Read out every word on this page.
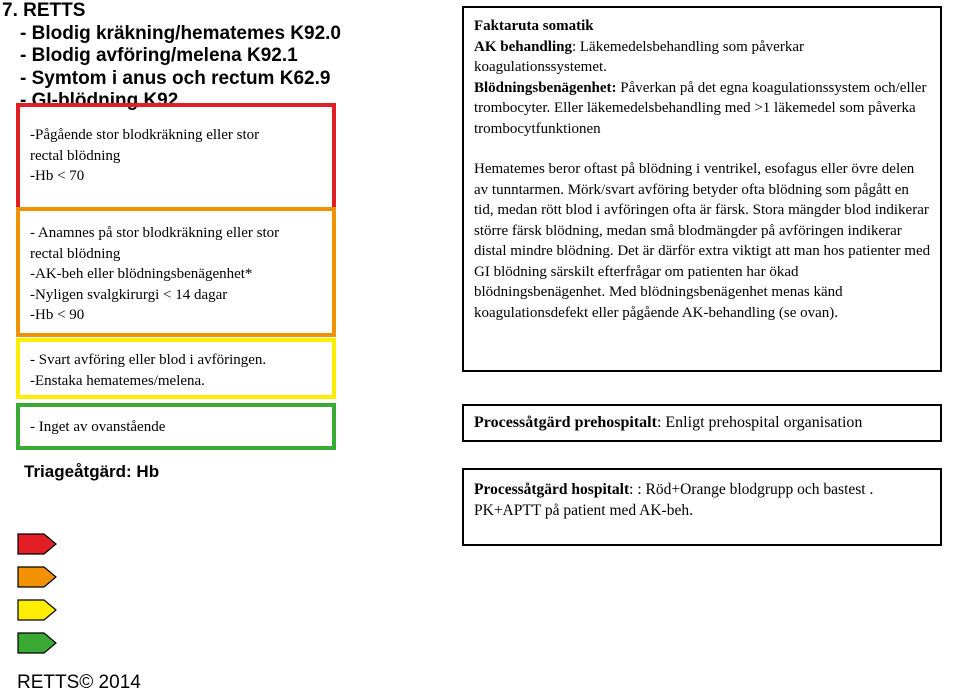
7. RETTS
- Blodig kräkning/hematemes K92.0
- Blodig avföring/melena K92.1
- Symtom i anus och rectum K62.9
- GI-blödning K92.
-Pågående stor blodkräkning eller stor
rectal blödning
-Hb < 70
- Anamnes på stor blodkräkning eller stor
rectal blödning
-AK-beh eller blödningsbenägenhet*
-Nyligen svalgkirurgi < 14 dagar
-Hb < 90
- Svart avföring eller blod i avföringen.
-Enstaka hematemes/melena.
- Inget av ovanstående
Triageåtgärd: Hb
RETTS© 2014

Faktaruta somatik

AK behandling: Läkemedelsbehandling som påverkar koagulationssystemet.

Blödningsbenägenhet: Påverkan på det egna koagulationssystem och/eller trombocyter. Eller läkemedelsbehandling med >1 läkemedel som påverka trombocytfunktionen

Hematemes beror oftast på blödning i ventrikel, esofagus eller övre delen av tunntarmen. Mörk/svart avföring betyder ofta blödning som pågått en tid, medan rött blod i avföringen ofta är färsk. Stora mängder blod indikerar större färsk blödning, medan små blodmängder på avföringen indikerar distal mindre blödning. Det är därför extra viktigt att man hos patienter med GI blödning särskilt efterfrågar om patienten har ökad blödningsbenägenhet. Med blödningsbenägenhet menas känd koagulationsdefekt eller pågående AK-behandling (se ovan).

Processåtgärd prehospitalt: Enligt prehospital organisation
Processåtgärd hospitalt: : Röd+Orange blodgrupp och bastest . PK+APTT på patient med AK-beh.
